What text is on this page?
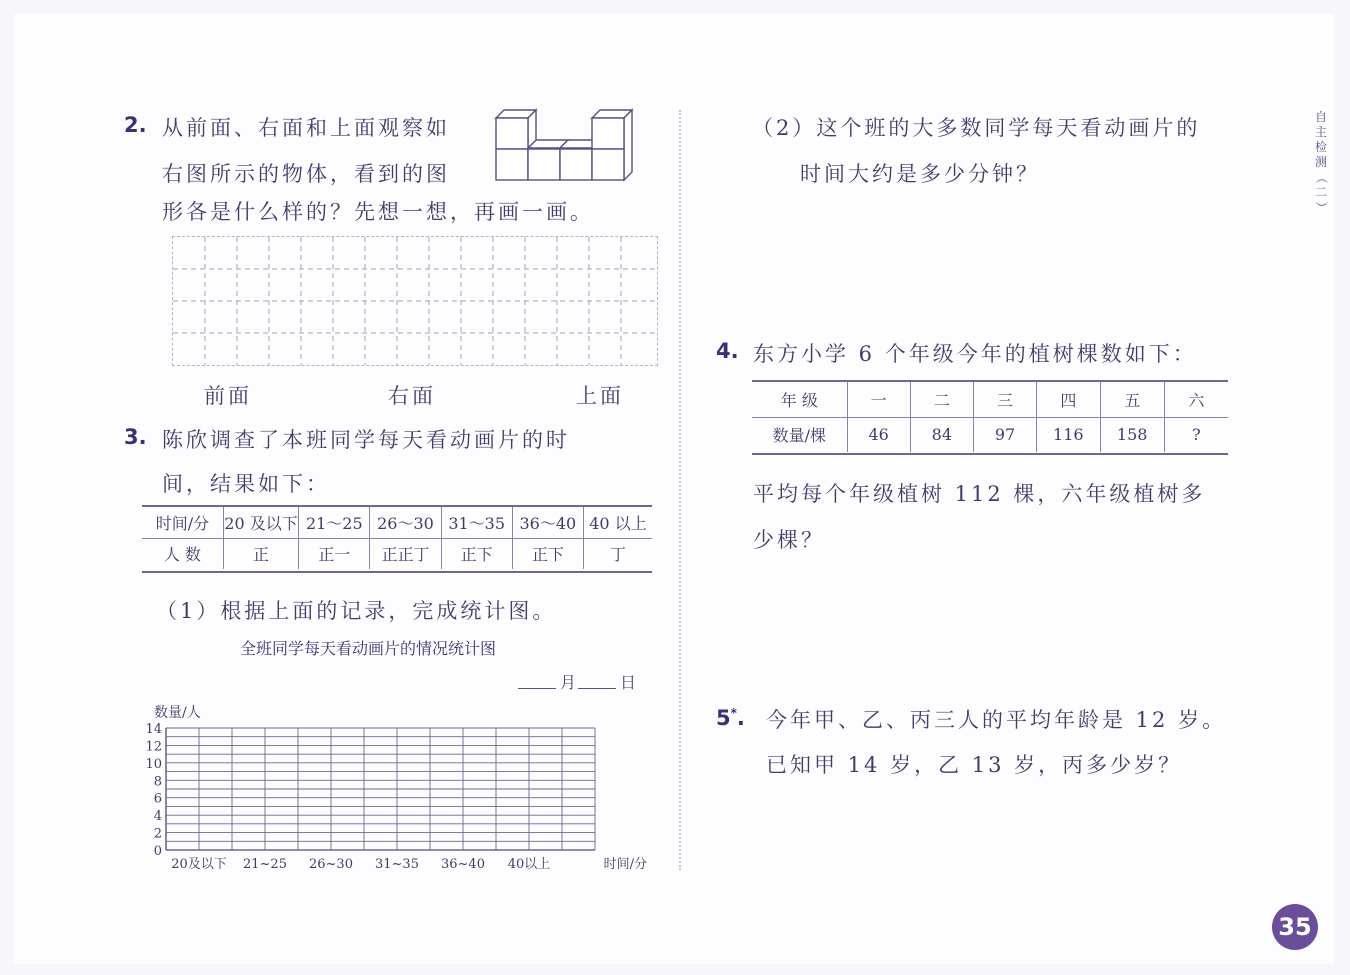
2. 从前面、右面和上面观察如
右图所示的物体，看到的图
形各是什么样的？先想一想，再画一画。
前面	右面	上面
3. 陈欣调查了本班同学每天看动画片的时
间，结果如下：
时间/分	20 及以下	21～25	26～30	31～35	36～40	40 以上
人 数	正	正一	正正丁	正下	正下	丁
（1）根据上面的记录，完成统计图。
全班同学每天看动画片的情况统计图
月	日
0
2
4
6
8
10
12
14
数量/人
20及以下 21~25 26~30 31~35 36~40 40以上	时间/分
（2）这个班的大多数同学每天看动画片的
时间大约是多少分钟？
4. 东方小学 6 个年级今年的植树棵数如下：
年 级	一	二	三	四	五	六
数量/棵	46	84	97	116	158	?
平均每个年级植树 112 棵，六年级植树多
少棵？
5*. 今年甲、乙、丙三人的平均年龄是 12 岁。
已知甲 14 岁，乙 13 岁，丙多少岁？
自
主
检
测
（
二
）
35
